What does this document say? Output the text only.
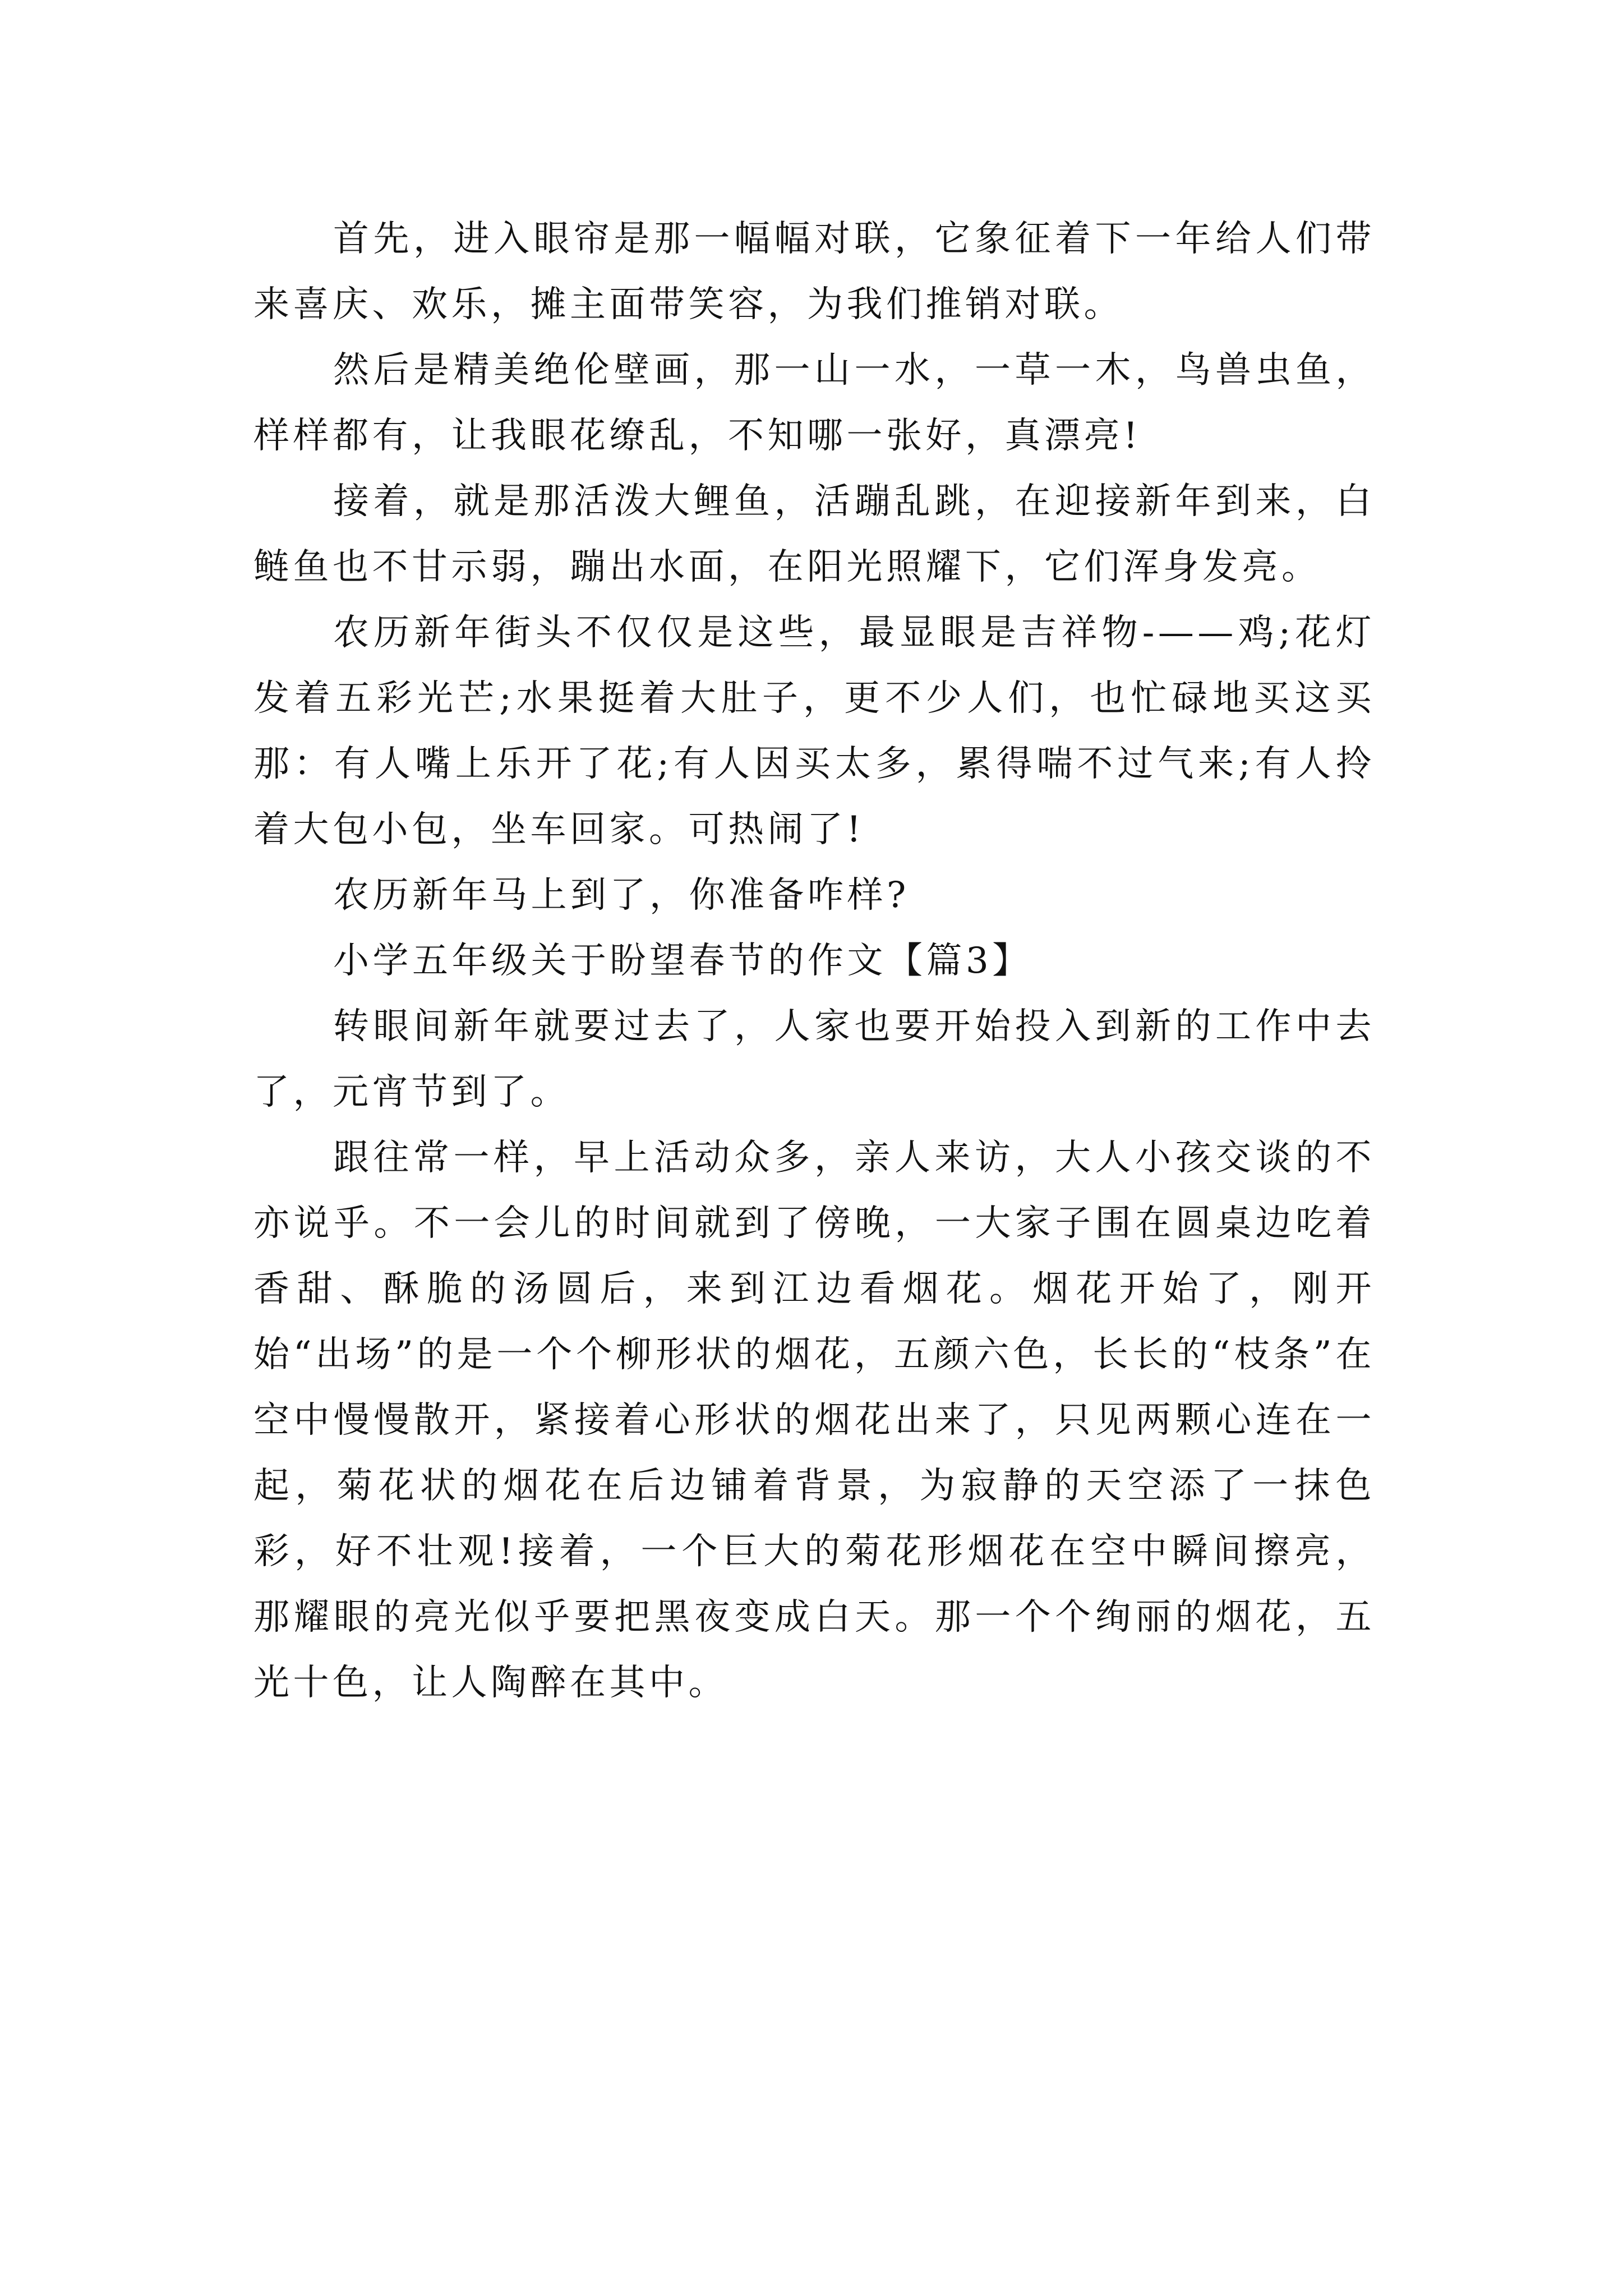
首先，进入眼帘是那一幅幅对联，它象征着下一年给人们带来喜庆、欢乐，摊主面带笑容，为我们推销对联。

然后是精美绝伦壁画，那一山一水，一草一木，鸟兽虫鱼，样样都有，让我眼花缭乱，不知哪一张好，真漂亮!

接着，就是那活泼大鲤鱼，活蹦乱跳，在迎接新年到来，白鲢鱼也不甘示弱，蹦出水面，在阳光照耀下，它们浑身发亮。

农历新年街头不仅仅是这些，最显眼是吉祥物-——鸡;花灯发着五彩光芒;水果挺着大肚子，更不少人们，也忙碌地买这买那：有人嘴上乐开了花;有人因买太多，累得喘不过气来;有人拎着大包小包，坐车回家。可热闹了!

农历新年马上到了，你准备咋样?

小学五年级关于盼望春节的作文【篇3】

转眼间新年就要过去了，人家也要开始投入到新的工作中去了，元宵节到了。

跟往常一样，早上活动众多，亲人来访，大人小孩交谈的不亦说乎。不一会儿的时间就到了傍晚，一大家子围在圆桌边吃着香甜、酥脆的汤圆后，来到江边看烟花。烟花开始了，刚开始“出场”的是一个个柳形状的烟花，五颜六色，长长的“枝条”在空中慢慢散开，紧接着心形状的烟花出来了，只见两颗心连在一起，菊花状的烟花在后边铺着背景，为寂静的天空添了一抹色彩，好不壮观!接着，一个巨大的菊花形烟花在空中瞬间擦亮，那耀眼的亮光似乎要把黑夜变成白天。那一个个绚丽的烟花，五光十色，让人陶醉在其中。
